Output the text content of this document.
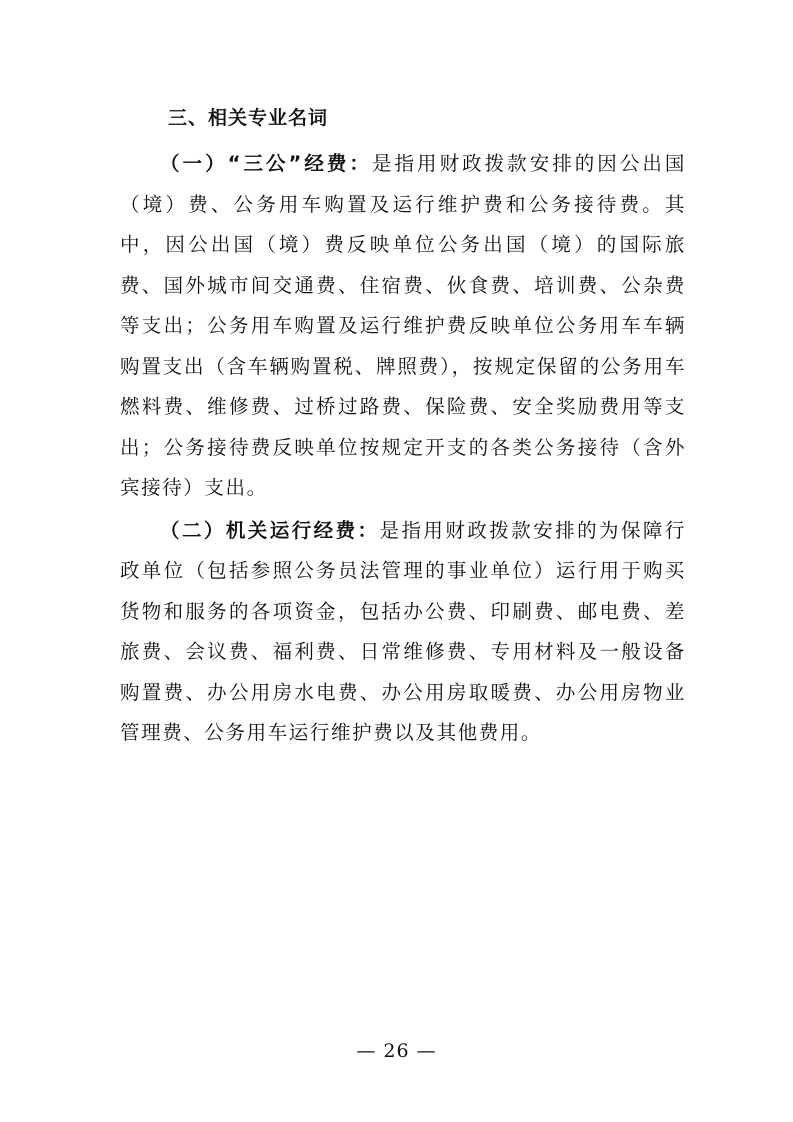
三、相关专业名词

（一）“三公”经费：是指用财政拨款安排的因公出国（境）费、公务用车购置及运行维护费和公务接待费。其中，因公出国（境）费反映单位公务出国（境）的国际旅费、国外城市间交通费、住宿费、伙食费、培训费、公杂费等支出；公务用车购置及运行维护费反映单位公务用车车辆购置支出（含车辆购置税、牌照费），按规定保留的公务用车燃料费、维修费、过桥过路费、保险费、安全奖励费用等支出；公务接待费反映单位按规定开支的各类公务接待（含外宾接待）支出。

（二）机关运行经费：是指用财政拨款安排的为保障行政单位（包括参照公务员法管理的事业单位）运行用于购买货物和服务的各项资金，包括办公费、印刷费、邮电费、差旅费、会议费、福利费、日常维修费、专用材料及一般设备购置费、办公用房水电费、办公用房取暖费、办公用房物业管理费、公务用车运行维护费以及其他费用。

— 26 —
